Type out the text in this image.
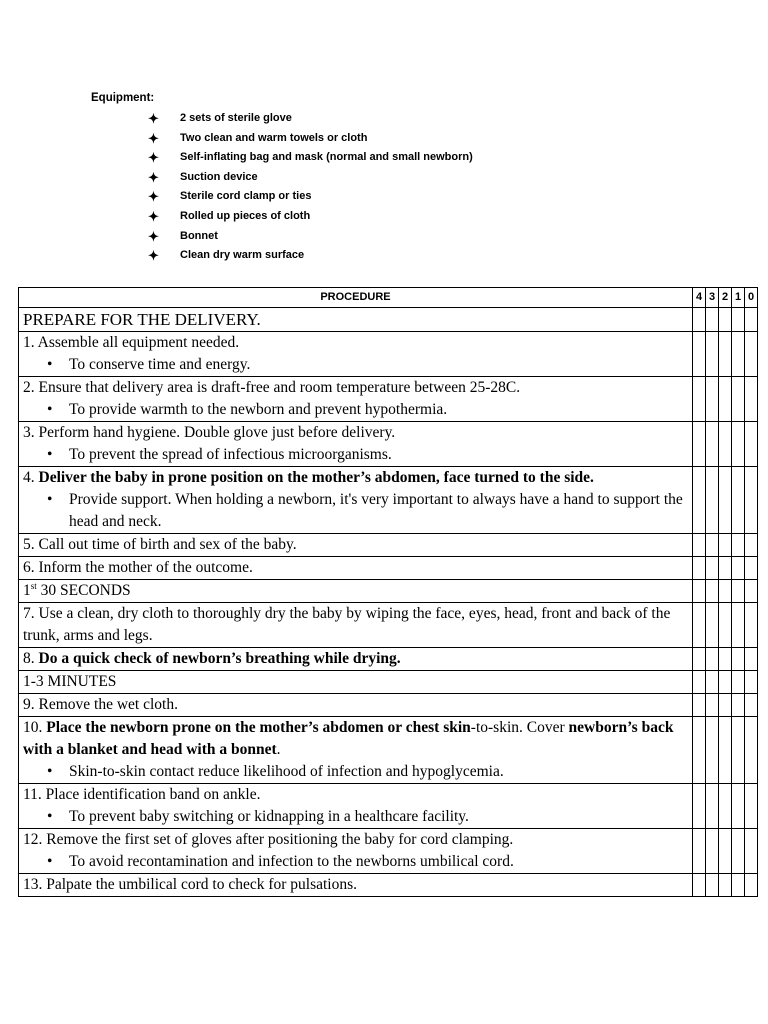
Equipment:
✦ 2 sets of sterile glove
✦ Two clean and warm towels or cloth
✦ Self-inflating bag and mask (normal and small newborn)
✦ Suction device
✦ Sterile cord clamp or ties
✦ Rolled up pieces of cloth
✦ Bonnet
✦ Clean dry warm surface
PROCEDURE	4	3	2	1	0
PREPARE FOR THE DELIVERY.					

1. Assemble all equipment needed.
• To conserve time and energy.					

2. Ensure that delivery area is draft-free and room temperature between 25-28C.
• To provide warmth to the newborn and prevent hypothermia.					

3. Perform hand hygiene. Double glove just before delivery.
• To prevent the spread of infectious microorganisms.					

4. Deliver the baby in prone position on the mother’s abdomen, face turned to the side.
• Provide support. When holding a newborn, it's very important to always have a hand to support the head and neck.					

5. Call out time of birth and sex of the baby.					
6. Inform the mother of the outcome.					
1st 30 SECONDS					
7. Use a clean, dry cloth to thoroughly dry the baby by wiping the face, eyes, head, front and back of the trunk, arms and legs.					
8. Do a quick check of newborn’s breathing while drying.					
1-3 MINUTES					
9. Remove the wet cloth.					

10. Place the newborn prone on the mother’s abdomen or chest skin-to-skin. Cover newborn’s back with a blanket and head with a bonnet.
• Skin-to-skin contact reduce likelihood of infection and hypoglycemia.					

11. Place identification band on ankle.
• To prevent baby switching or kidnapping in a healthcare facility.					

12. Remove the first set of gloves after positioning the baby for cord clamping.
• To avoid recontamination and infection to the newborns umbilical cord.					

13. Palpate the umbilical cord to check for pulsations.					
